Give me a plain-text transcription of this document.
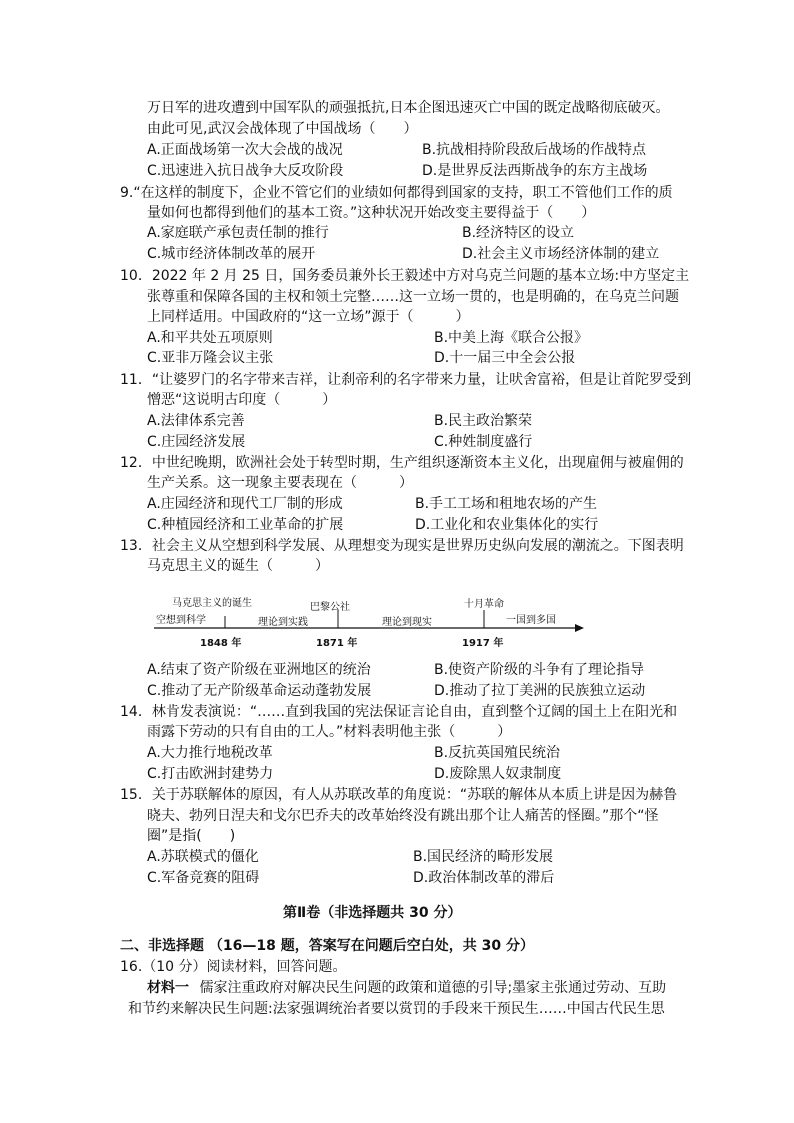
万日军的进攻遭到中国军队的顽强抵抗,日本企图迅速灭亡中国的既定战略彻底破灭。
由此可见,武汉会战体现了中国战场（　　）
A.正面战场第一次大会战的战况	B.抗战相持阶段敌后战场的作战特点
C.迅速进入抗日战争大反攻阶段	D.是世界反法西斯战争的东方主战场
9.“在这样的制度下，企业不管它们的业绩如何都得到国家的支持，职工不管他们工作的质
量如何也都得到他们的基本工资。”这种状况开始改变主要得益于（　　）
A.家庭联产承包责任制的推行	B.经济特区的设立
C.城市经济体制改革的展开	D.社会主义市场经济体制的建立
10．2022 年 2 月 25 日，国务委员兼外长王毅述中方对乌克兰问题的基本立场:中方坚定主
张尊重和保障各国的主权和领土完整……这一立场一贯的，也是明确的，在乌克兰问题
上同样适用。中国政府的“这一立场”源于（　　　）
A.和平共处五项原则	B.中美上海《联合公报》
C.亚非万隆会议主张	D.十一届三中全会公报
11．“让婆罗门的名字带来吉祥，让刹帝利的名字带来力量，让吠舍富裕，但是让首陀罗受到
憎恶“这说明古印度（　　　）
A.法律体系完善	B.民主政治繁荣
C.庄园经济发展	C.种姓制度盛行
12．中世纪晚期，欧洲社会处于转型时期，生产组织逐渐资本主义化，出现雇佣与被雇佣的
生产关系。这一现象主要表现在（　　　）
A.庄园经济和现代工厂制的形成	B.手工工场和租地农场的产生
C.种植园经济和工业革命的扩展	D.工业化和农业集体化的实行
13．社会主义从空想到科学发展、从理想变为现实是世界历史纵向发展的潮流之。下图表明
马克思主义的诞生（　　　）
马克思主义的诞生	巴黎公社	十月革命
空想到科学	理论到实践	理论到现实	一国到多国
1848 年	1871 年	1917 年
A.结束了资产阶级在亚洲地区的统治	B.使资产阶级的斗争有了理论指导
C.推动了无产阶级革命运动蓬勃发展	D.推动了拉丁美洲的民族独立运动
14．林肯发表演说：“……直到我国的宪法保证言论自由，直到整个辽阔的国土上在阳光和
雨露下劳动的只有自由的工人。”材料表明他主张（　　　）
A.大力推行地税改革	B.反抗英国殖民统治
C.打击欧洲封建势力	D.废除黑人奴隶制度
15．关于苏联解体的原因，有人从苏联改革的角度说：“苏联的解体从本质上讲是因为赫鲁
晓夫、勃列日涅夫和戈尔巴乔夫的改革始终没有跳出那个让人痛苦的怪圈。”那个“怪
圈”是指(　　)
A.苏联模式的僵化	B.国民经济的畸形发展
C.军备竞赛的阻碍	D.政治体制改革的滞后
第Ⅱ卷（非选择题共 30 分）
二、非选择题 （16—18 题，答案写在问题后空白处，共 30 分）
16.（10 分）阅读材料，回答问题。
材料一 儒家注重政府对解决民生问题的政策和道德的引导;墨家主张通过劳动、互助
和节约来解决民生问题:法家强调统治者要以赏罚的手段来干预民生……中国古代民生思
